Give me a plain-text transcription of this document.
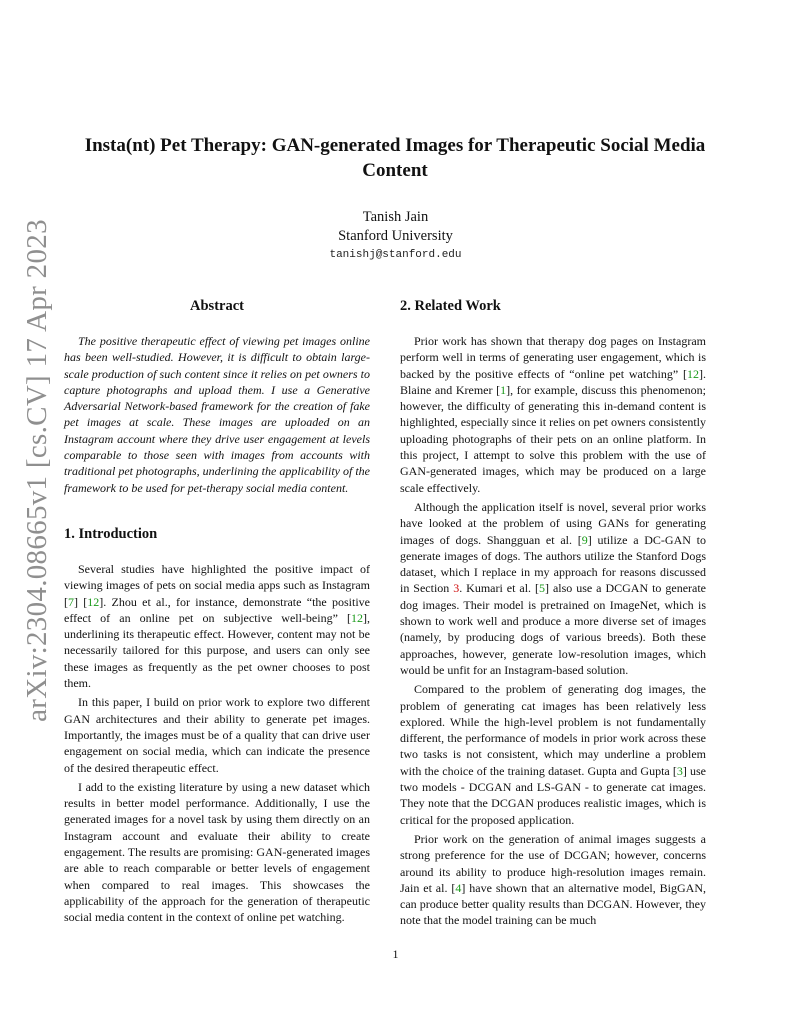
arXiv:2304.08665v1 [cs.CV] 17 Apr 2023
Insta(nt) Pet Therapy: GAN-generated Images for Therapeutic Social Media Content
Tanish Jain
Stanford University
tanishj@stanford.edu
Abstract

The positive therapeutic effect of viewing pet images online has been well-studied. However, it is difficult to obtain large-scale production of such content since it relies on pet owners to capture photographs and upload them. I use a Generative Adversarial Network-based framework for the creation of fake pet images at scale. These images are uploaded on an Instagram account where they drive user engagement at levels comparable to those seen with images from accounts with traditional pet photographs, underlining the applicability of the framework to be used for pet-therapy social media content.

1. Introduction

Several studies have highlighted the positive impact of viewing images of pets on social media apps such as Instagram [7] [12]. Zhou et al., for instance, demonstrate “the positive effect of an online pet on subjective well-being” [12], underlining its therapeutic effect. However, content may not be necessarily tailored for this purpose, and users can only see these images as frequently as the pet owner chooses to post them.

In this paper, I build on prior work to explore two different GAN architectures and their ability to generate pet images. Importantly, the images must be of a quality that can drive user engagement on social media, which can indicate the presence of the desired therapeutic effect.

I add to the existing literature by using a new dataset which results in better model performance. Additionally, I use the generated images for a novel task by using them directly on an Instagram account and evaluate their ability to create engagement. The results are promising: GAN-generated images are able to reach comparable or better levels of engagement when compared to real images. This showcases the applicability of the approach for the generation of therapeutic social media content in the context of online pet watching.

2. Related Work

Prior work has shown that therapy dog pages on Instagram perform well in terms of generating user engagement, which is backed by the positive effects of “online pet watching” [12]. Blaine and Kremer [1], for example, discuss this phenomenon; however, the difficulty of generating this in-demand content is highlighted, especially since it relies on pet owners consistently uploading photographs of their pets on an online platform. In this project, I attempt to solve this problem with the use of GAN-generated images, which may be produced on a large scale effectively.

Although the application itself is novel, several prior works have looked at the problem of using GANs for generating images of dogs. Shangguan et al. [9] utilize a DC-GAN to generate images of dogs. The authors utilize the Stanford Dogs dataset, which I replace in my approach for reasons discussed in Section 3. Kumari et al. [5] also use a DCGAN to generate dog images. Their model is pretrained on ImageNet, which is shown to work well and produce a more diverse set of images (namely, by producing dogs of various breeds). Both these approaches, however, generate low-resolution images, which would be unfit for an Instagram-based solution.

Compared to the problem of generating dog images, the problem of generating cat images has been relatively less explored. While the high-level problem is not fundamentally different, the performance of models in prior work across these two tasks is not consistent, which may underline a problem with the choice of the training dataset. Gupta and Gupta [3] use two models - DCGAN and LS-GAN - to generate cat images. They note that the DCGAN produces realistic images, which is critical for the proposed application.

Prior work on the generation of animal images suggests a strong preference for the use of DCGAN; however, concerns around its ability to produce high-resolution images remain. Jain et al. [4] have shown that an alternative model, BigGAN, can produce better quality results than DCGAN. However, they note that the model training can be much

1
